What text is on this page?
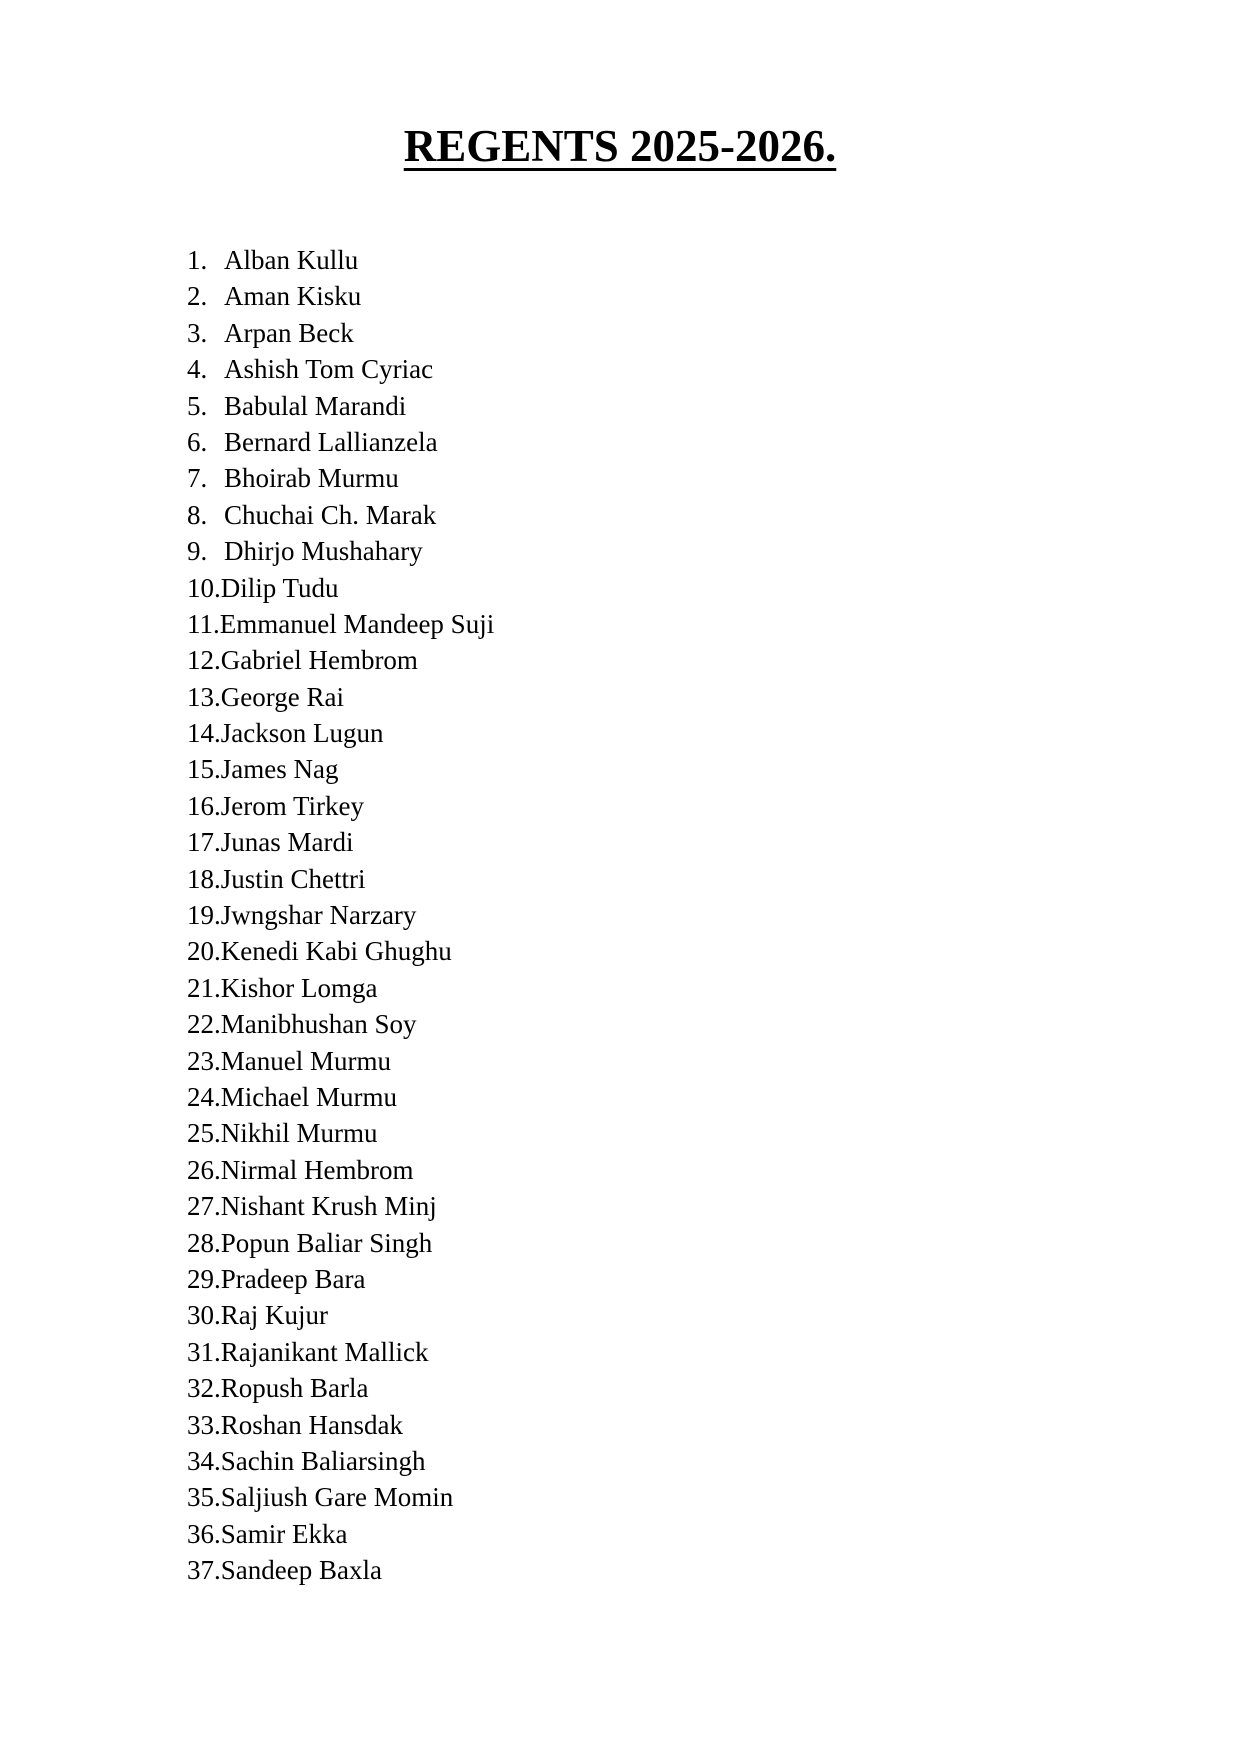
REGENTS 2025-2026.
1. Alban Kullu
2. Aman Kisku
3. Arpan Beck
4. Ashish Tom Cyriac
5. Babulal Marandi
6. Bernard Lallianzela
7. Bhoirab Murmu
8. Chuchai Ch. Marak
9. Dhirjo Mushahary
10. Dilip Tudu
11. Emmanuel Mandeep Suji
12. Gabriel Hembrom
13. George Rai
14. Jackson Lugun
15. James Nag
16. Jerom Tirkey
17. Junas Mardi
18. Justin Chettri
19. Jwngshar Narzary
20. Kenedi Kabi Ghughu
21. Kishor Lomga
22. Manibhushan Soy
23. Manuel Murmu
24. Michael Murmu
25. Nikhil Murmu
26. Nirmal Hembrom
27. Nishant Krush Minj
28. Popun Baliar Singh
29. Pradeep Bara
30. Raj Kujur
31. Rajanikant Mallick
32. Ropush Barla
33. Roshan Hansdak
34. Sachin Baliarsingh
35. Saljiush Gare Momin
36. Samir Ekka
37. Sandeep Baxla
